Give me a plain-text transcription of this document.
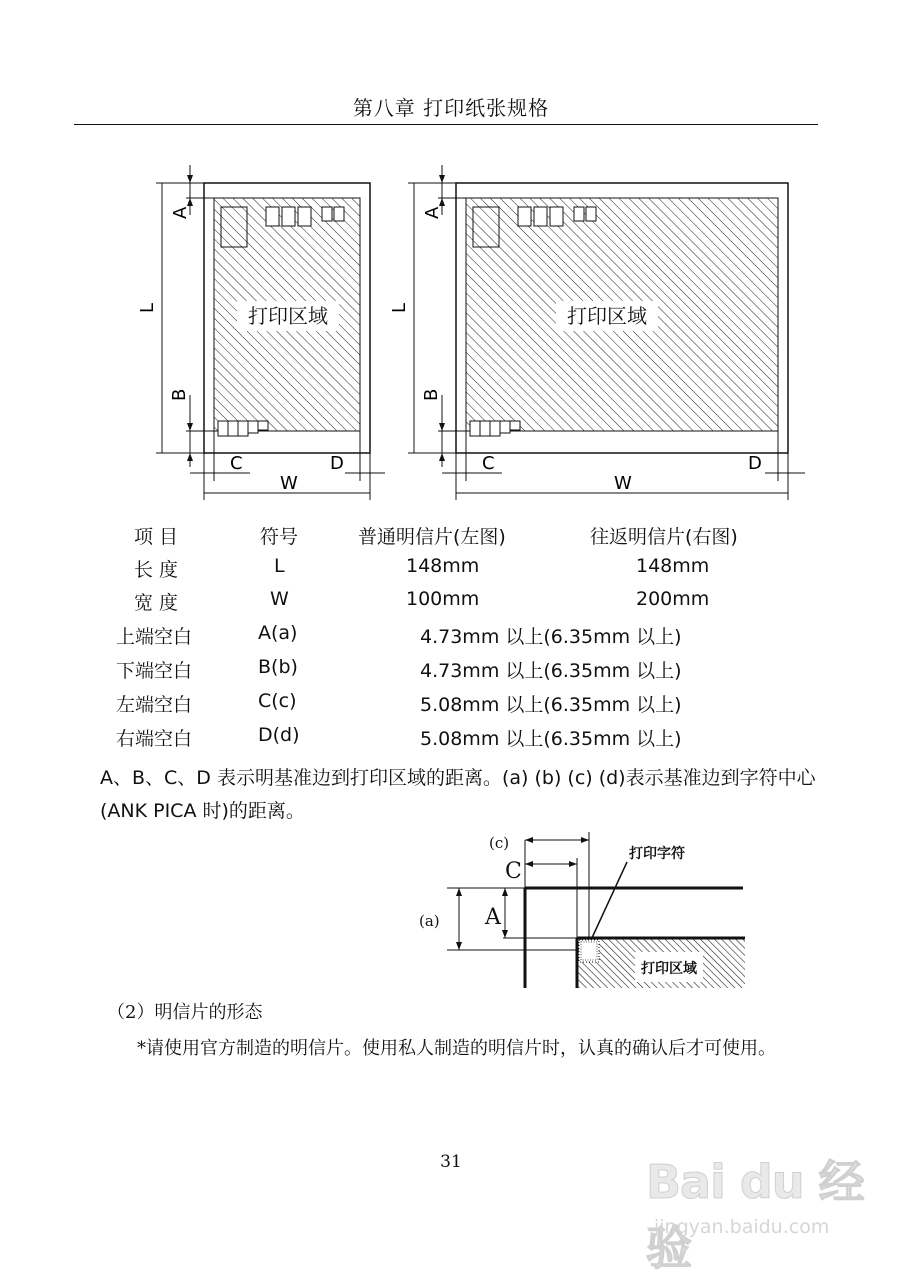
第八章 打印纸张规格
打印区域
L
A
B
W
C	D
打印区域
L
A
B
W
C	D
项 目	符号	普通明信片(左图)	往返明信片(右图)
长 度	L	148mm	148mm
宽 度	W	100mm	200mm
上端空白	A(a)	4.73mm 以上(6.35mm 以上)
下端空白	B(b)	4.73mm 以上(6.35mm 以上)
左端空白	C(c)	5.08mm 以上(6.35mm 以上)
右端空白	D(d)	5.08mm 以上(6.35mm 以上)
A、B、C、D 表示明基准边到打印区域的距离。(a) (b) (c) (d)表示基准边到字符中心(ANK PICA 时)的距离。
打印区域
打印字符
(c)
C
(a) A
（2）明信片的形态
*请使用官方制造的明信片。使用私人制造的明信片时，认真的确认后才可使用。
31	Bai du 经验
jingyan.baidu.com
